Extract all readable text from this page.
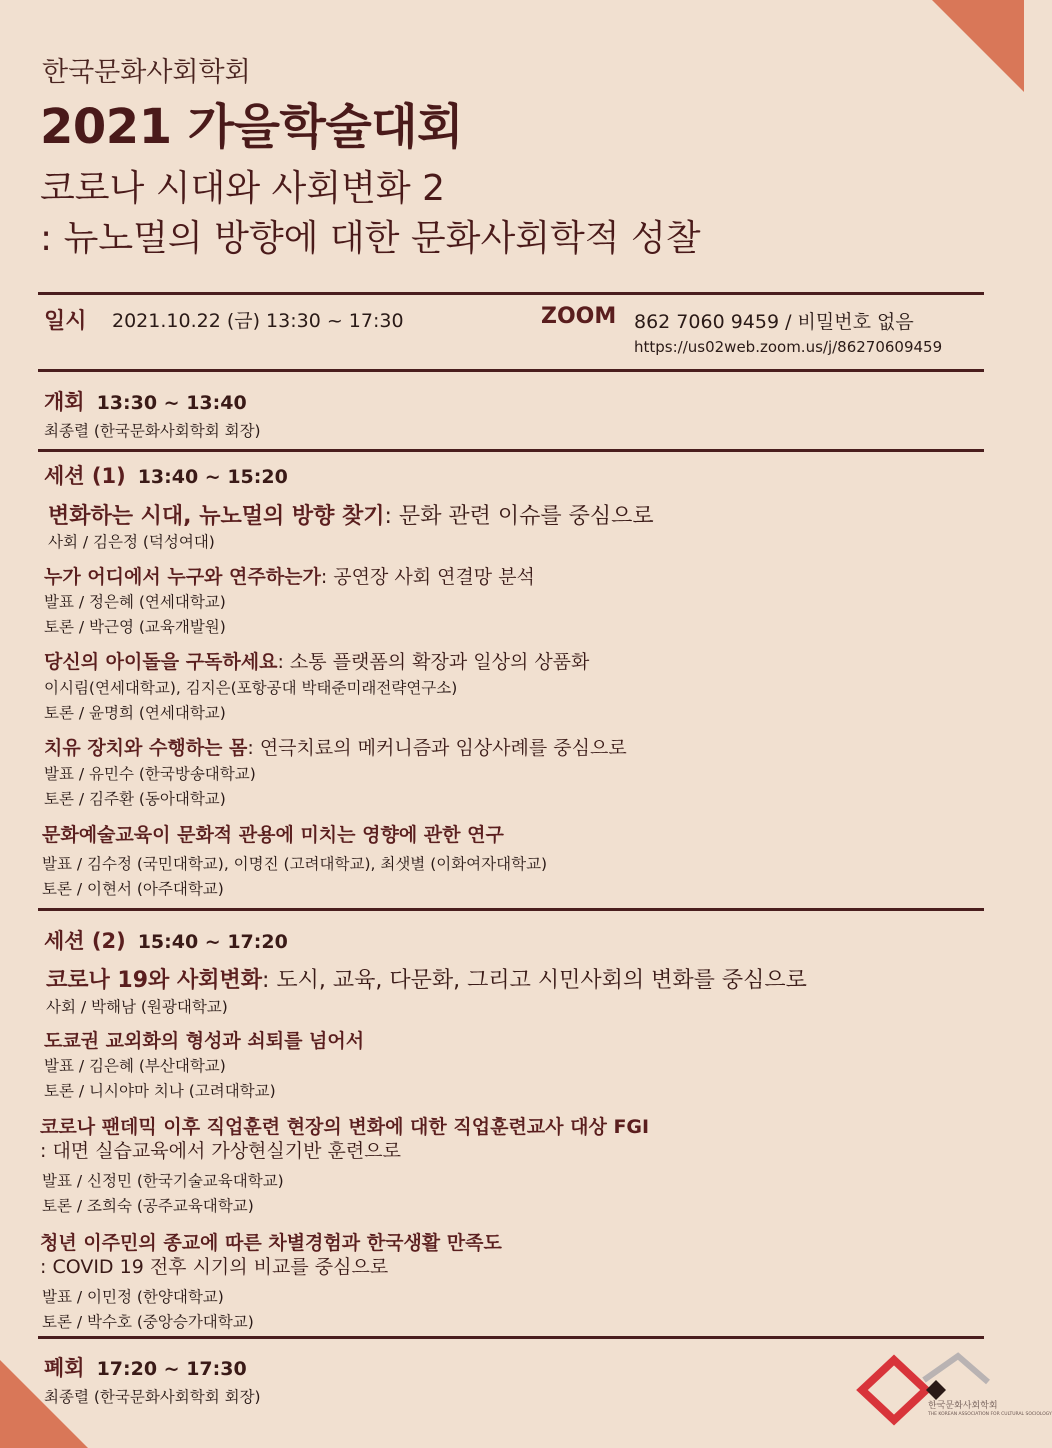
한국문화사회학회
2021 가을학술대회
코로나 시대와 사회변화 2
: 뉴노멀의 방향에 대한 문화사회학적 성찰
일시 2021.10.22 (금) 13:30 ~ 17:30	ZOOM 862 7060 9459 / 비밀번호 없음
https://us02web.zoom.us/j/86270609459
개회 13:30 ~ 13:40
최종렬 (한국문화사회학회 회장)
세션 (1) 13:40 ~ 15:20
변화하는 시대, 뉴노멀의 방향 찾기: 문화 관련 이슈를 중심으로
사회 / 김은정 (덕성여대)
누가 어디에서 누구와 연주하는가: 공연장 사회 연결망 분석
발표 / 정은혜 (연세대학교)
토론 / 박근영 (교육개발원)
당신의 아이돌을 구독하세요: 소통 플랫폼의 확장과 일상의 상품화
이시림(연세대학교), 김지은(포항공대 박태준미래전략연구소)
토론 / 윤명희 (연세대학교)
치유 장치와 수행하는 몸: 연극치료의 메커니즘과 임상사례를 중심으로
발표 / 유민수 (한국방송대학교)
토론 / 김주환 (동아대학교)
문화예술교육이 문화적 관용에 미치는 영향에 관한 연구
발표 / 김수정 (국민대학교), 이명진 (고려대학교), 최샛별 (이화여자대학교)
토론 / 이현서 (아주대학교)
세션 (2) 15:40 ~ 17:20
코로나 19와 사회변화: 도시, 교육, 다문화, 그리고 시민사회의 변화를 중심으로
사회 / 박해남 (원광대학교)
도쿄권 교외화의 형성과 쇠퇴를 넘어서
발표 / 김은혜 (부산대학교)
토론 / 니시야마 치나 (고려대학교)
코로나 팬데믹 이후 직업훈련 현장의 변화에 대한 직업훈련교사 대상 FGI
: 대면 실습교육에서 가상현실기반 훈련으로
발표 / 신정민 (한국기술교육대학교)
토론 / 조희숙 (공주교육대학교)
청년 이주민의 종교에 따른 차별경험과 한국생활 만족도
: COVID 19 전후 시기의 비교를 중심으로
발표 / 이민정 (한양대학교)
토론 / 박수호 (중앙승가대학교)
폐회 17:20 ~ 17:30
최종렬 (한국문화사회학회 회장)	한국문화사회학회
THE KOREAN ASSOCIATION FOR CULTURAL SOCIOLOGY
